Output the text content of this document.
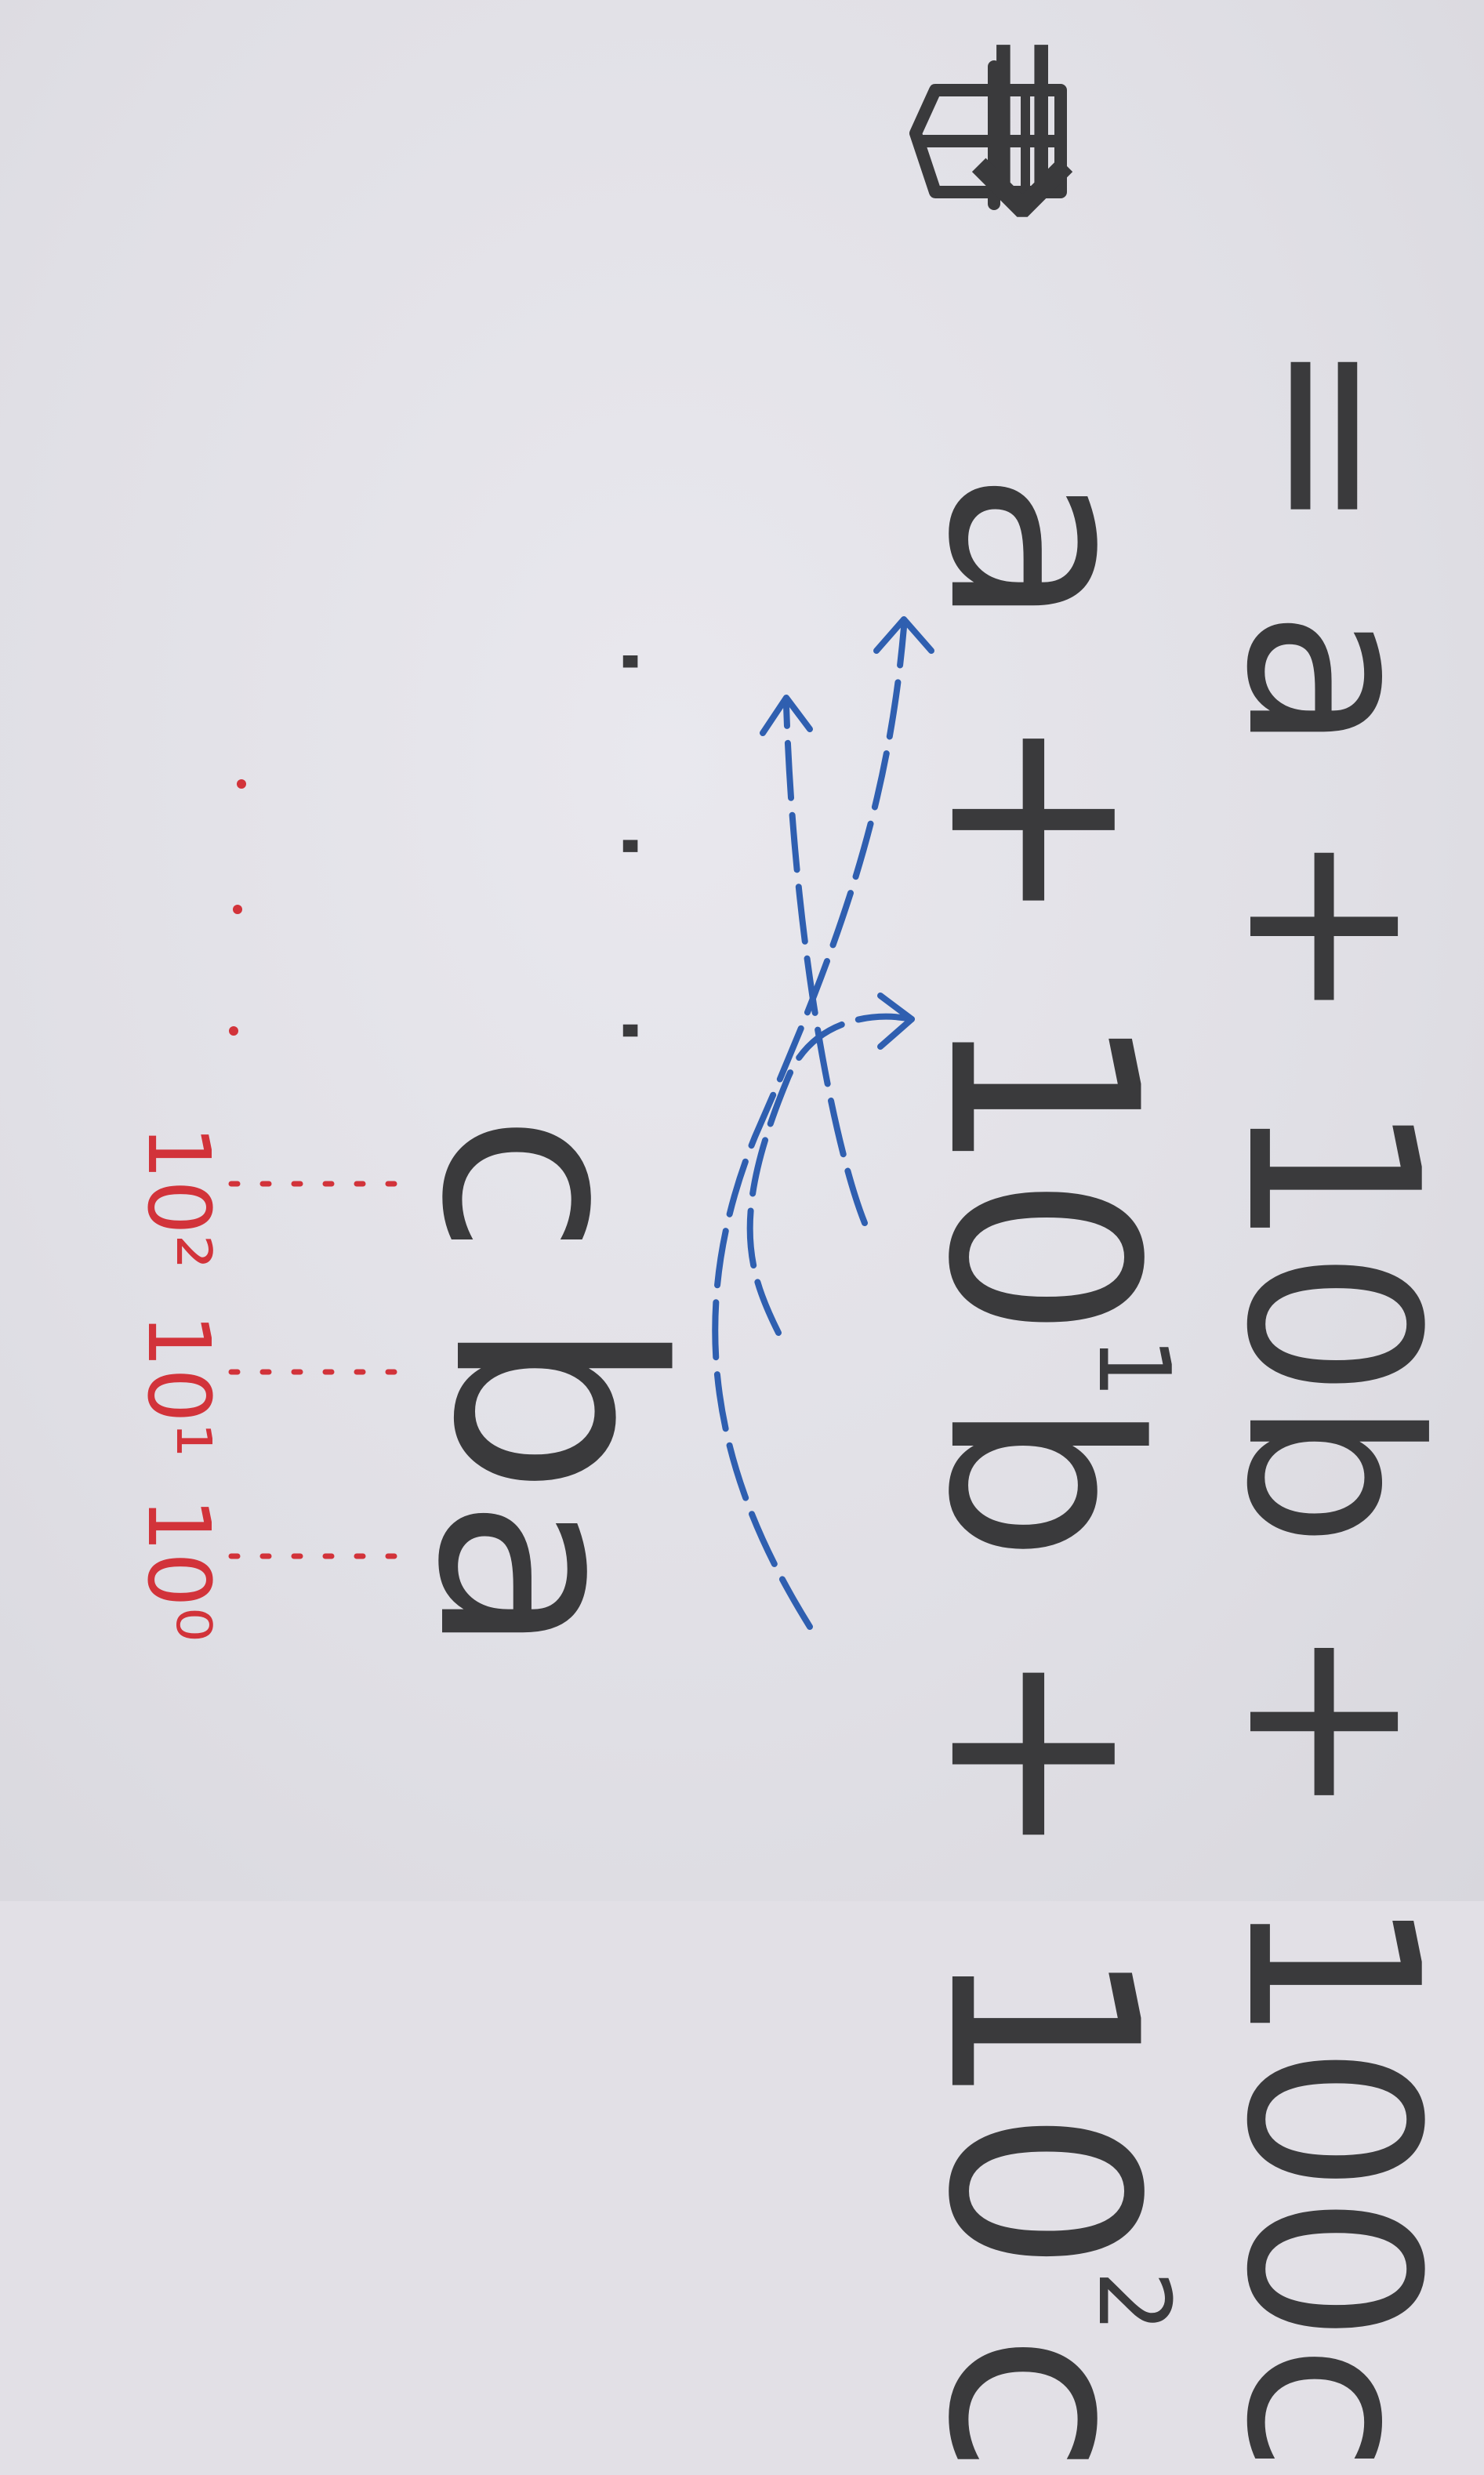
· · ·
c
b
a
10²
10¹
10⁰
⇒
$a + 10^1b + 10^2c$
= a + 10b + 100c
